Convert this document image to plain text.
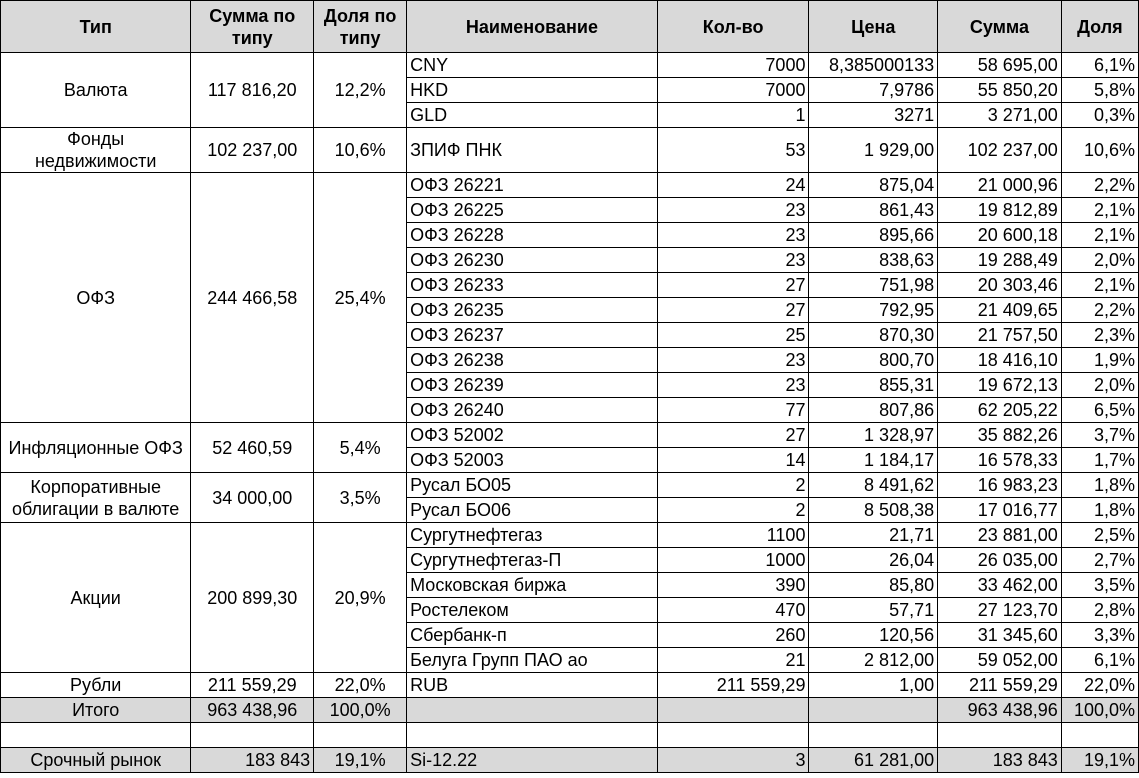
Тип	Сумма по типу	Доля по типу	Наименование	Кол-во	Цена	Сумма	Доля
Валюта	117 816,20	12,2%	CNY	7000	8,385000133	58 695,00	6,1%
			HKD	7000	7,9786	55 850,20	5,8%
			GLD	1	3271	3 271,00	0,3%
Фонды недвижимости	102 237,00	10,6%	ЗПИФ ПНК	53	1 929,00	102 237,00	10,6%
ОФЗ	244 466,58	25,4%	ОФЗ 26221	24	875,04	21 000,96	2,2%
			ОФЗ 26225	23	861,43	19 812,89	2,1%
			ОФЗ 26228	23	895,66	20 600,18	2,1%
			ОФЗ 26230	23	838,63	19 288,49	2,0%
			ОФЗ 26233	27	751,98	20 303,46	2,1%
			ОФЗ 26235	27	792,95	21 409,65	2,2%
			ОФЗ 26237	25	870,30	21 757,50	2,3%
			ОФЗ 26238	23	800,70	18 416,10	1,9%
			ОФЗ 26239	23	855,31	19 672,13	2,0%
			ОФЗ 26240	77	807,86	62 205,22	6,5%
Инфляционные ОФЗ	52 460,59	5,4%	ОФЗ 52002	27	1 328,97	35 882,26	3,7%
			ОФЗ 52003	14	1 184,17	16 578,33	1,7%
Корпоративные облигации в валюте	34 000,00	3,5%	Русал БО05	2	8 491,62	16 983,23	1,8%
			Русал БО06	2	8 508,38	17 016,77	1,8%
Акции	200 899,30	20,9%	Сургутнефтегаз	1100	21,71	23 881,00	2,5%
			Сургутнефтегаз-П	1000	26,04	26 035,00	2,7%
			Московская биржа	390	85,80	33 462,00	3,5%
			Ростелеком	470	57,71	27 123,70	2,8%
			Сбербанк-п	260	120,56	31 345,60	3,3%
			Белуга Групп ПАО ао	21	2 812,00	59 052,00	6,1%
Рубли	211 559,29	22,0%	RUB	211 559,29	1,00	211 559,29	22,0%
Итого	963 438,96	100,0%				963 438,96	100,0%

Срочный рынок	183 843	19,1%	Si-12.22	3	61 281,00	183 843	19,1%
